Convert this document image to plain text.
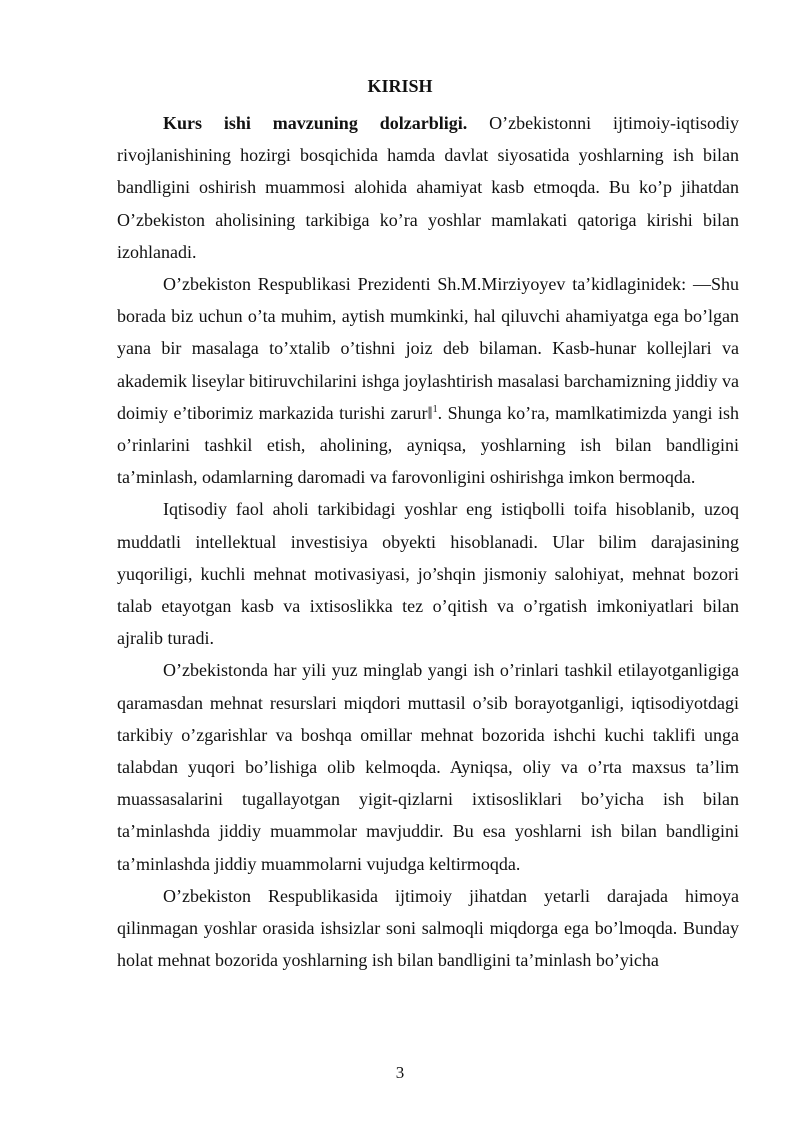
KIRISH

Kurs ishi mavzuning dolzarbligi. O’zbekistonni ijtimoiy-iqtisodiy rivojlanishining hozirgi bosqichida hamda davlat siyosatida yoshlarning ish bilan bandligini oshirish muammosi alohida ahamiyat kasb etmoqda. Bu ko’p jihatdan O’zbekiston aholisining tarkibiga ko’ra yoshlar mamlakati qatoriga kirishi bilan izohlanadi.

O’zbekiston Respublikasi Prezidenti Sh.M.Mirziyoyev ta’kidlaginidek: ―Shu borada biz uchun o’ta muhim, aytish mumkinki, hal qiluvchi ahamiyatga ega bo’lgan yana bir masalaga to’xtalib o’tishni joiz deb bilaman. Kasb-hunar kollejlari va akademik liseylar bitiruvchilarini ishga joylashtirish masalasi barchamizning jiddiy va doimiy e’tiborimiz markazida turishi zarur‖$^1$. Shunga ko’ra, mamlkatimizda yangi ish o’rinlarini tashkil etish, aholining, ayniqsa, yoshlarning ish bilan bandligini ta’minlash, odamlarning daromadi va farovonligini oshirishga imkon bermoqda.

Iqtisodiy faol aholi tarkibidagi yoshlar eng istiqbolli toifa hisoblanib, uzoq muddatli intellektual investisiya obyekti hisoblanadi. Ular bilim darajasining yuqoriligi, kuchli mehnat motivasiyasi, jo’shqin jismoniy salohiyat, mehnat bozori talab etayotgan kasb va ixtisoslikka tez o’qitish va o’rgatish imkoniyatlari bilan ajralib turadi.

O’zbekistonda har yili yuz minglab yangi ish o’rinlari tashkil etilayotganligiga qaramasdan mehnat resurslari miqdori muttasil o’sib borayotganligi, iqtisodiyotdagi tarkibiy o’zgarishlar va boshqa omillar mehnat bozorida ishchi kuchi taklifi unga talabdan yuqori bo’lishiga olib kelmoqda. Ayniqsa, oliy va o’rta maxsus ta’lim muassasalarini tugallayotgan yigit-qizlarni ixtisosliklari bo’yicha ish bilan ta’minlashda jiddiy muammolar mavjuddir. Bu esa yoshlarni ish bilan bandligini ta’minlashda jiddiy muammolarni vujudga keltirmoqda.

O’zbekiston Respublikasida ijtimoiy jihatdan yetarli darajada himoya qilinmagan yoshlar orasida ishsizlar soni salmoqli miqdorga ega bo’lmoqda. Bunday holat mehnat bozorida yoshlarning ish bilan bandligini ta’minlash bo’yicha

3
